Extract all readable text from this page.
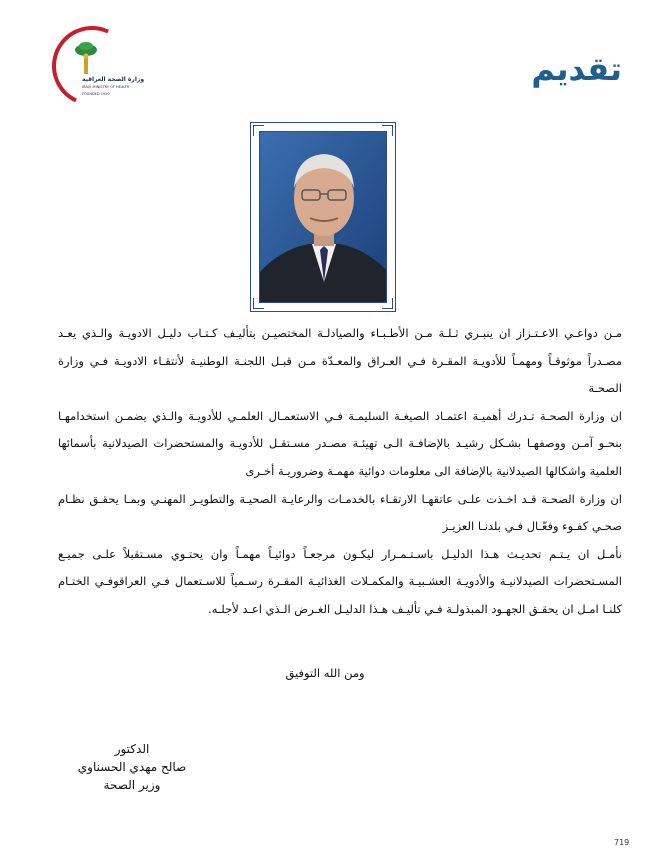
وزارة الصحة العراقية
IRAQI MINISTRY OF HEALTH
FOUNDED 1920
تقديم

مـن دواعـي الاعـتـزاز ان ينبـري ثـلـة مـن الأطـبـاء والصيادلـة المختصيـن بتأليـف كـتـاب دليـل الادويـة والـذي يعـد مصـدراً موثوقـاً ومهمـاً للأدويـة المقـرة فـي العـراق والمعـدّة مـن قبـل اللجنـة الوطنيـة لأنتقـاء الادويـة فـي وزارة الصحـة

ان وزارة الصحـة تـدرك أهميـة اعتمـاد الصيغـة السليمـة فـي الاستعمـال العلمـي للأدويـة والـذي يضمـن استخدامهـا بنحـو آمـن ووصفهـا بشـكل رشيـد بالإضافـة الـى تهيئـة مصـدر مسـتقـل للأدويـة والمستحضرات الصيدلانية بأسمائها العلمية واشكالها الصيدلانية بالإضافة الى معلومات دوائية مهمـة وضروريـة أخـرى

ان وزارة الصحـة قـد اخـذت علـى عاتقهـا الارتقـاء بالخدمـات والرعايـة الصحيـة والتطويـر المهنـي وبمـا يحقـق نظـام صحـي كفـوء وفعّـال فـي بلدنـا العزيـز

نأمـل ان يـتـم تحديـث هـذا الدليـل باسـتـمـرار ليكـون مرجعـاً دوائيـاً مهمـاً وان يحتـوي مسـتقبلاً علـى جميـع المسـتحضرات الصيدلانيـة والأدويـة العشـبيـة والمكمـلات الغذائيـة المقـرة رسـمياً للاسـتعمال فـي العراقوفـي الختـام كلنـا امـل ان يحقـق الجهـود المبذولـة فـي تأليـف هـذا الدليـل الغـرض الـذي اعـد لأجلـه.

ومن الله التوفيق
الدكتور
صالح مهدي الحسناوي
وزير الصحة
719
